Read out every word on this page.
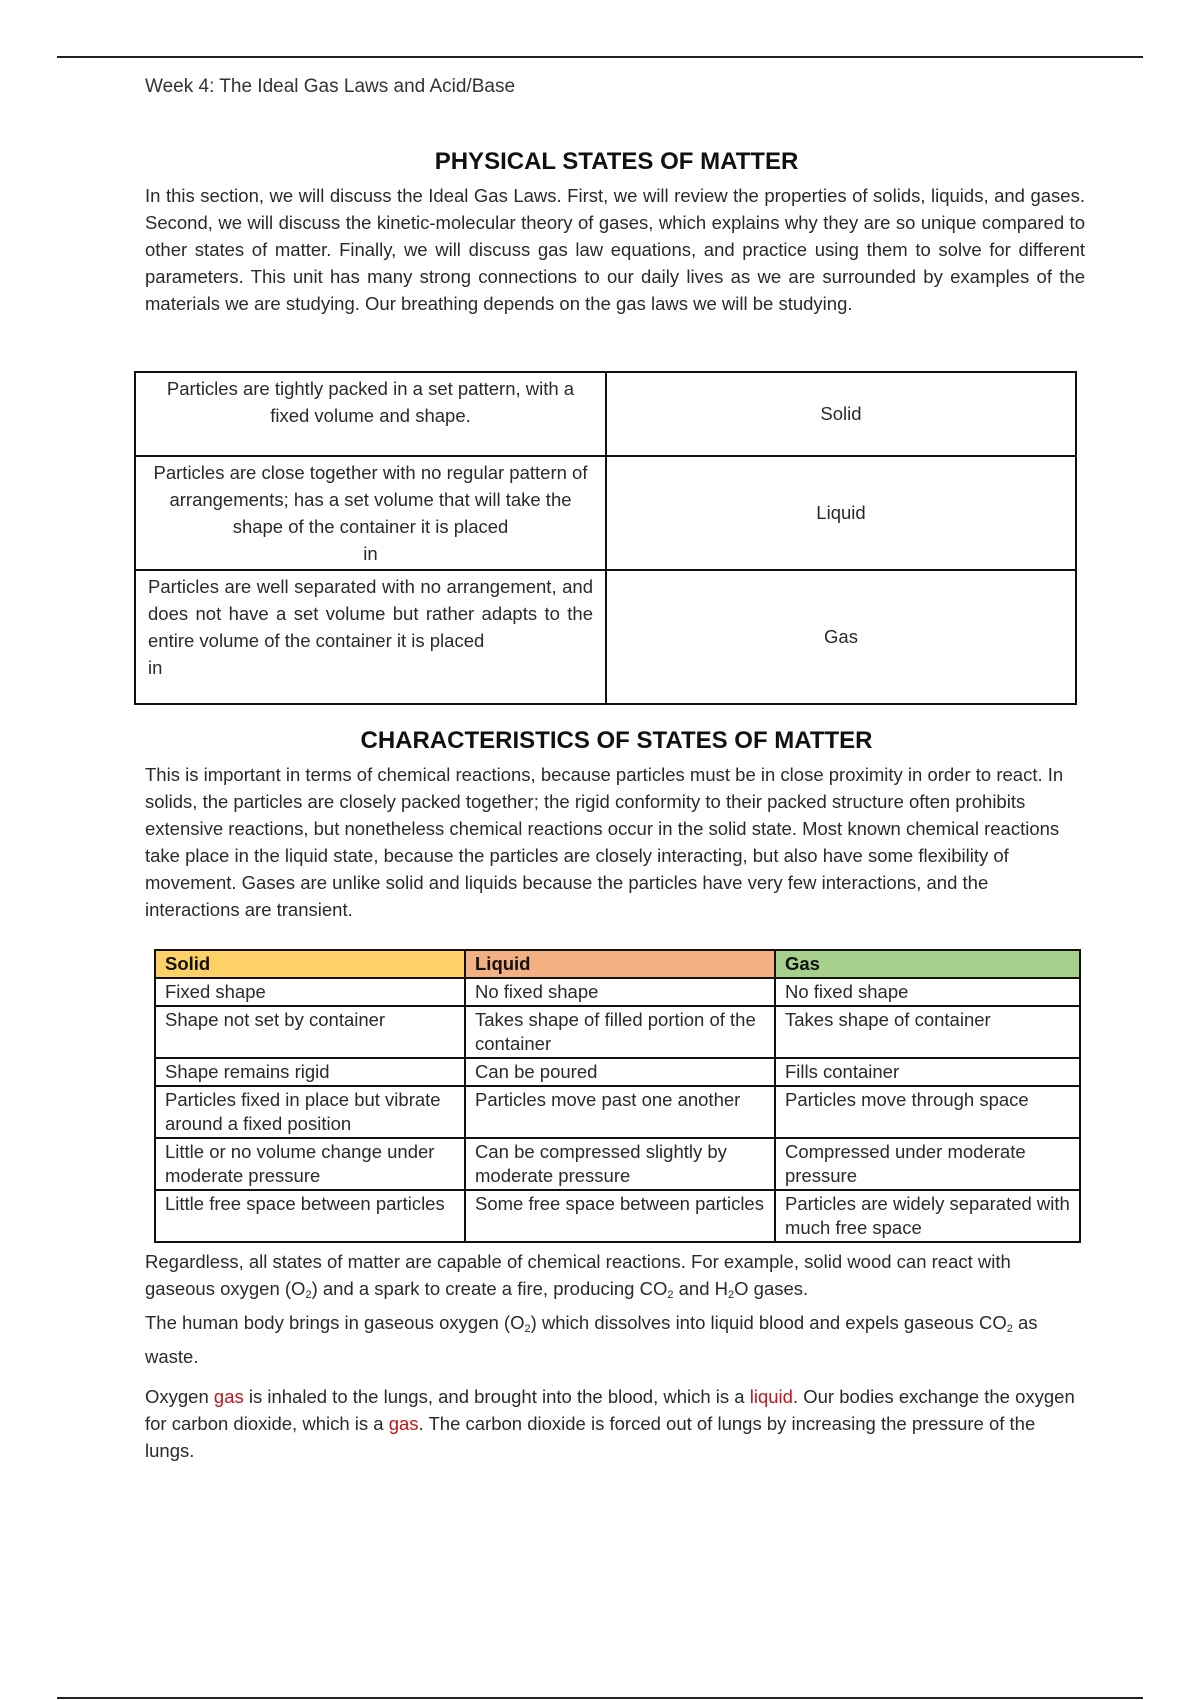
Week 4: The Ideal Gas Laws and Acid/Base
PHYSICAL STATES OF MATTER
In this section, we will discuss the Ideal Gas Laws. First, we will review the properties of solids, liquids, and gases. Second, we will discuss the kinetic-molecular theory of gases, which explains why they are so unique compared to other states of matter. Finally, we will discuss gas law equations, and practice using them to solve for different parameters. This unit has many strong connections to our daily lives as we are surrounded by examples of the materials we are studying. Our breathing depends on the gas laws we will be studying.
Particles are tightly packed in a set pattern, with a fixed volume and shape.	Solid
Particles are close together with no regular pattern of arrangements; has a set volume that will take the shape of the container it is placed
in	Liquid
Particles are well separated with no arrangement, and does not have a set volume but rather adapts to the entire volume of the container it is placed
in	Gas
CHARACTERISTICS OF STATES OF MATTER
This is important in terms of chemical reactions, because particles must be in close proximity in order to react. In solids, the particles are closely packed together; the rigid conformity to their packed structure often prohibits extensive reactions, but nonetheless chemical reactions occur in the solid state. Most known chemical reactions take place in the liquid state, because the particles are closely interacting, but also have some flexibility of movement. Gases are unlike solid and liquids because the particles have very few interactions, and the interactions are transient.
Solid	Liquid	Gas
Fixed shape	No fixed shape	No fixed shape
Shape not set by container	Takes shape of filled portion of the container	Takes shape of container
Shape remains rigid	Can be poured	Fills container
Particles fixed in place but vibrate around a fixed position	Particles move past one another	Particles move through space
Little or no volume change under moderate pressure	Can be compressed slightly by moderate pressure	Compressed under moderate pressure
Little free space between particles	Some free space between particles	Particles are widely separated with much free space
Regardless, all states of matter are capable of chemical reactions. For example, solid wood can react with gaseous oxygen $(O_2)$ and a spark to create a fire, producing $CO_2$ and $H_2O$ gases.
The human body brings in gaseous oxygen $(O_2)$ which dissolves into liquid blood and expels gaseous $CO_2$ as waste.
Oxygen gas is inhaled to the lungs, and brought into the blood, which is a liquid. Our bodies exchange the oxygen for carbon dioxide, which is a gas. The carbon dioxide is forced out of lungs by increasing the pressure of the lungs.
